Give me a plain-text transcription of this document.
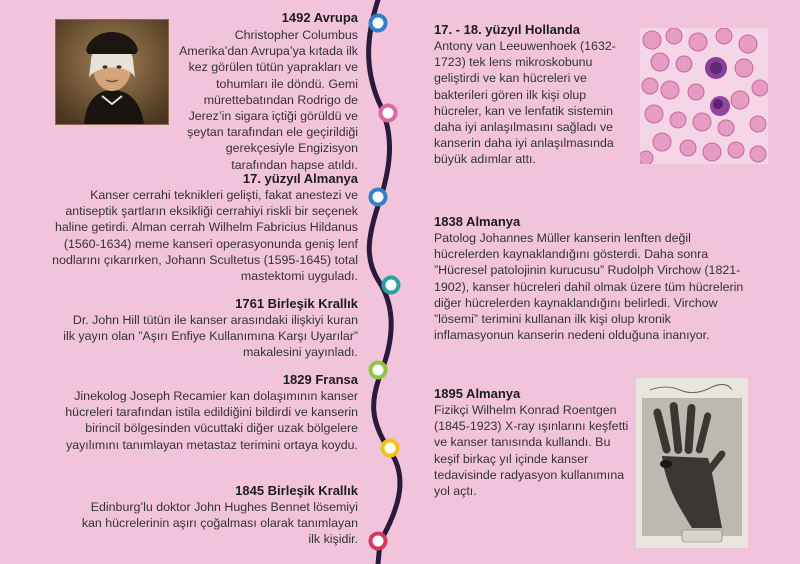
1492 Avrupa
Christopher Columbus Amerika’dan Avrupa’ya kıtada ilk kez görülen tütün yaprakları ve tohumları ile döndü. Gemi mürettebatından Rodrigo de Jerez’in sigara içtiği görüldü ve şeytan tarafından ele geçirildiği gerekçesiyle Engizisyon tarafından hapse atıldı.
17. yüzyıl Almanya
Kanser cerrahi teknikleri gelişti, fakat anestezi ve antiseptik şartların eksikliği cerrahiyi riskli bir seçenek haline getirdi. Alman cerrah Wilhelm Fabricius Hildanus (1560-1634) meme kanseri operasyonunda geniş lenf nodlarını çıkarırken, Johann Scultetus (1595-1645) total mastektomi uyguladı.
1761 Birleşik Krallık
Dr. John Hill tütün ile kanser arasındaki ilişkiyi kuran ilk yayın olan ”Aşırı Enfiye Kullanımına Karşı Uyarılar” makalesini yayınladı.
1829 Fransa
Jinekolog Joseph Recamier kan dolaşımının kanser hücreleri tarafından istila edildiğini bildirdi ve kanserin birincil bölgesinden vücuttaki diğer uzak bölgelere yayılımını tanımlayan metastaz terimini ortaya koydu.
1845 Birleşik Krallık
Edinburg’lu doktor John Hughes Bennet lösemiyi kan hücrelerinin aşırı çoğalması olarak tanımlayan ilk kişidir.
17. - 18. yüzyıl Hollanda
Antony van Leeuwenhoek (1632-1723) tek lens mikroskobunu geliştirdi ve kan hücreleri ve bakterileri gören ilk kişi olup hücreler, kan ve lenfatik sistemin daha iyi anlaşılmasını sağladı ve kanserin daha iyi anlaşılmasında büyük adımlar attı.
1838 Almanya
Patolog Johannes Müller kanserin lenften değil hücrelerden kaynaklandığını gösterdi. Daha sonra ”Hücresel patolojinin kurucusu” Rudolph Virchow (1821-1902), kanser hücreleri dahil olmak üzere tüm hücrelerin diğer hücrelerden kaynaklandığını belirledi. Virchow ”lösemi” terimini kullanan ilk kişi olup kronik inflamasyonun kanserin nedeni olduğuna inanıyor.
1895 Almanya
Fizikçi Wilhelm Konrad Roentgen (1845-1923) X-ray ışınlarını keşfetti ve kanser tanısında kullandı. Bu keşif birkaç yıl içinde kanser tedavisinde radyasyon kullanımına yol açtı.
